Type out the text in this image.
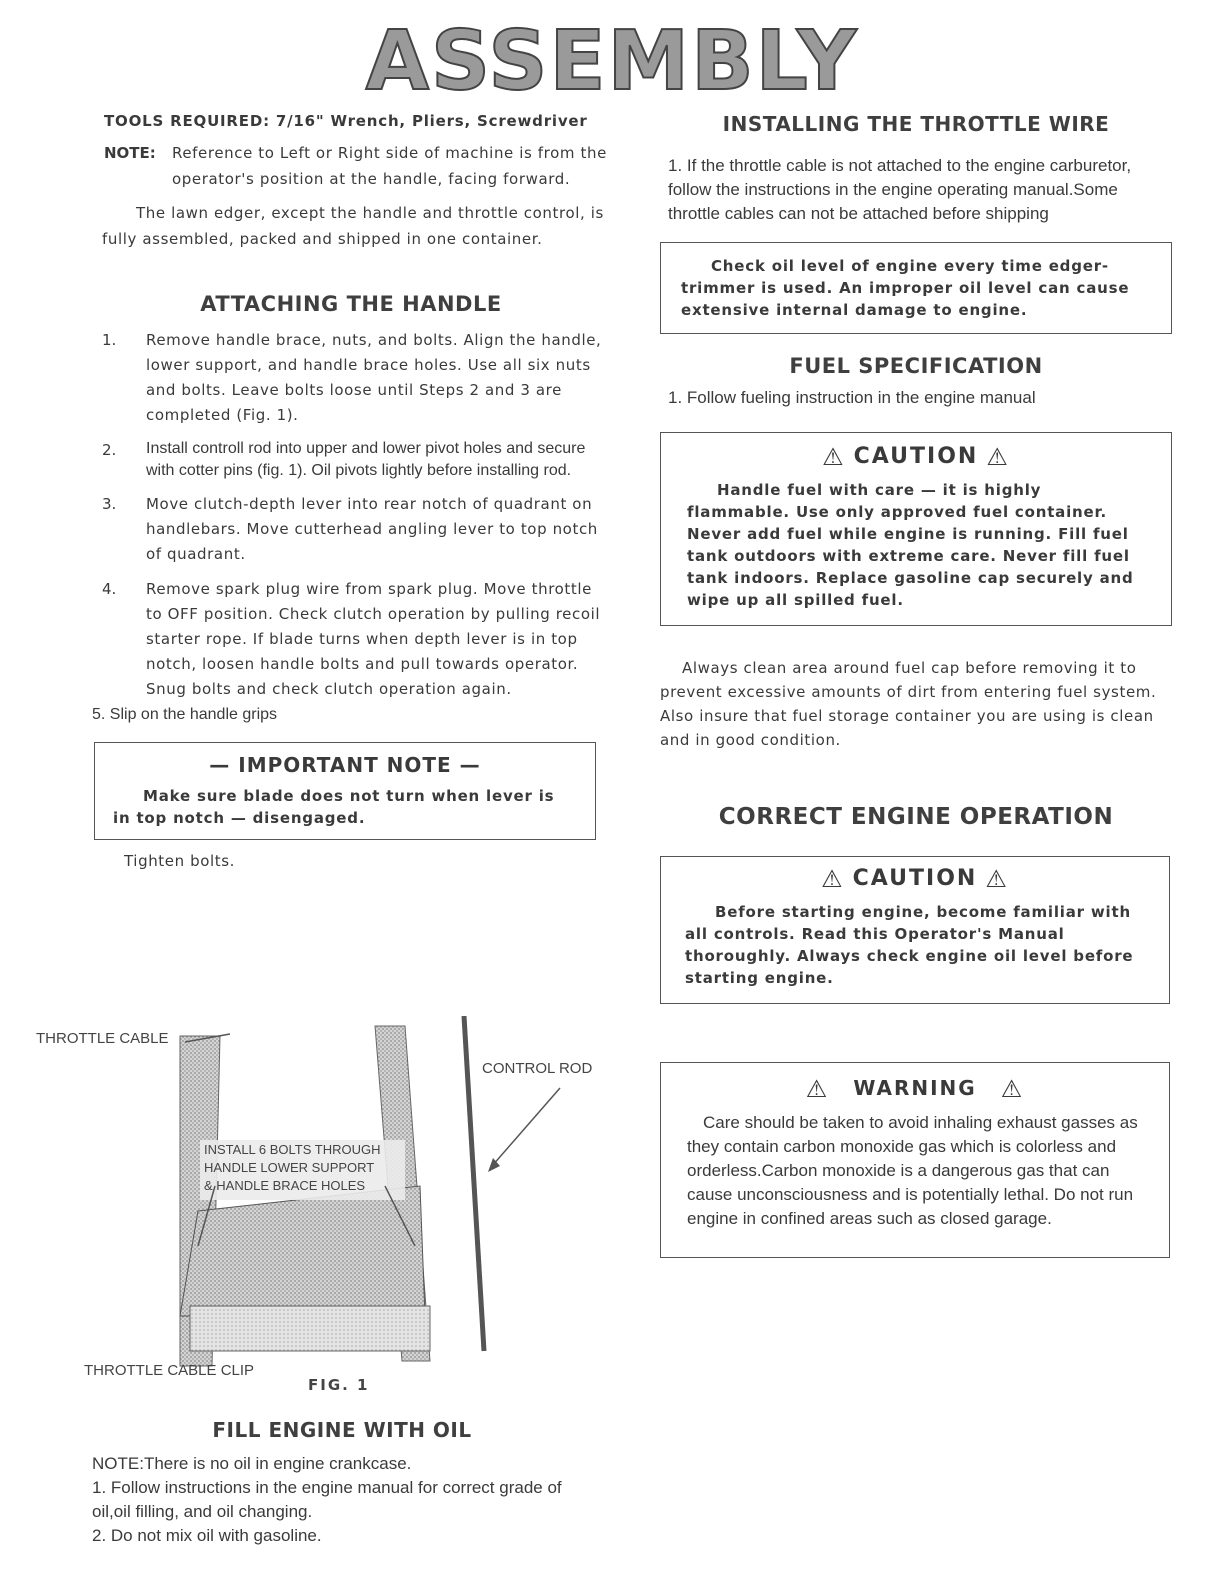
ASSEMBLY
TOOLS REQUIRED: 7/16" Wrench, Pliers, Screwdriver
NOTE:	Reference to Left or Right side of machine is from the operator's position at the handle, facing forward.

The lawn edger, except the handle and throttle control, is fully assembled, packed and shipped in one container.

ATTACHING THE HANDLE
1.	Remove handle brace, nuts, and bolts. Align the handle, lower support, and handle brace holes. Use all six nuts and bolts. Leave bolts loose until Steps 2 and 3 are completed (Fig. 1).
2.	Install controll rod into upper and lower pivot holes and secure with cotter pins (fig. 1). Oil pivots lightly before installing rod.
3.	Move clutch-depth lever into rear notch of quadrant on handlebars. Move cutterhead angling lever to top notch of quadrant.
4.	Remove spark plug wire from spark plug. Move throttle to OFF position. Check clutch operation by pulling recoil starter rope. If blade turns when depth lever is in top notch, loosen handle bolts and pull towards operator. Snug bolts and check clutch operation again.
5. Slip on the handle grips
— IMPORTANT NOTE —
Make sure blade does not turn when lever is in top notch — disengaged.

Tighten bolts.

THROTTLE CABLE
CONTROL ROD
INSTALL 6 BOLTS THROUGH
HANDLE LOWER SUPPORT
& HANDLE BRACE HOLES
THROTTLE CABLE CLIP
FIG. 1
FILL ENGINE WITH OIL
NOTE:There is no oil in engine crankcase.
1. Follow instructions in the engine manual for correct grade of oil,oil filling, and oil changing.
2. Do not mix oil with gasoline.
INSTALLING THE THROTTLE WIRE
1. If the throttle cable is not attached to the engine carburetor, follow the instructions in the engine operating manual.Some throttle cables can not be attached before shipping
Check oil level of engine every time edger-trimmer is used. An improper oil level can cause extensive internal damage to engine.
FUEL SPECIFICATION
1. Follow fueling instruction in the engine manual
⚠ CAUTION ⚠
Handle fuel with care — it is highly flammable. Use only approved fuel container. Never add fuel while engine is running. Fill fuel tank outdoors with extreme care. Never fill fuel tank indoors. Replace gasoline cap securely and wipe up all spilled fuel.

Always clean area around fuel cap before removing it to prevent excessive amounts of dirt from entering fuel system. Also insure that fuel storage container you are using is clean and in good condition.

CORRECT ENGINE OPERATION
⚠ CAUTION ⚠
Before starting engine, become familiar with all controls. Read this Operator's Manual thoroughly. Always check engine oil level before starting engine.
⚠ WARNING ⚠
Care should be taken to avoid inhaling exhaust gasses as they contain carbon monoxide gas which is colorless and orderless.Carbon monoxide is a dangerous gas that can cause unconsciousness and is potentially lethal. Do not run engine in confined areas such as closed garage.
